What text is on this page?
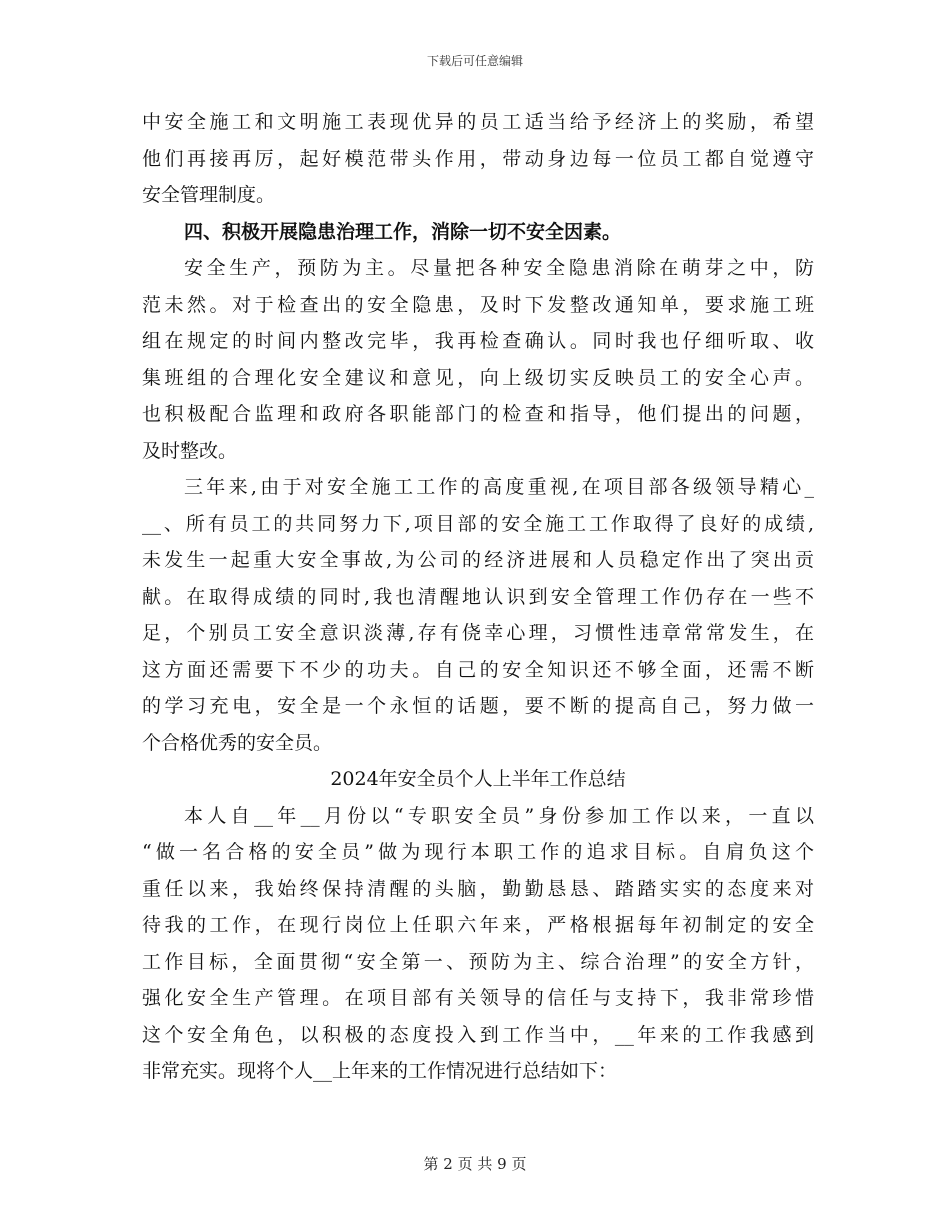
下载后可任意编辑
中安全施工和文明施工表现优异的员工适当给予经济上的奖励，希望
他们再接再厉，起好模范带头作用，带动身边每一位员工都自觉遵守
安全管理制度。
四、积极开展隐患治理工作，消除一切不安全因素。
安全生产，预防为主。尽量把各种安全隐患消除在萌芽之中，防
范未然。对于检查出的安全隐患，及时下发整改通知单，要求施工班
组在规定的时间内整改完毕，我再检查确认。同时我也仔细听取、收
集班组的合理化安全建议和意见，向上级切实反映员工的安全心声。
也积极配合监理和政府各职能部门的检查和指导，他们提出的问题，
及时整改。
三年来,由于对安全施工工作的高度重视,在项目部各级领导精心_
__、所有员工的共同努力下,项目部的安全施工工作取得了良好的成绩,
未发生一起重大安全事故,为公司的经济进展和人员稳定作出了突出贡
献。在取得成绩的同时,我也清醒地认识到安全管理工作仍存在一些不
足，个别员工安全意识淡薄,存有侥幸心理，习惯性违章常常发生，在
这方面还需要下不少的功夫。自己的安全知识还不够全面，还需不断
的学习充电，安全是一个永恒的话题，要不断的提高自己，努力做一
个合格优秀的安全员。
2024年安全员个人上半年工作总结
本人自__年__月份以“专职安全员”身份参加工作以来，一直以
“做一名合格的安全员”做为现行本职工作的追求目标。自肩负这个
重任以来，我始终保持清醒的头脑，勤勤恳恳、踏踏实实的态度来对
待我的工作，在现行岗位上任职六年来，严格根据每年初制定的安全
工作目标，全面贯彻“安全第一、预防为主、综合治理”的安全方针，
强化安全生产管理。在项目部有关领导的信任与支持下，我非常珍惜
这个安全角色，以积极的态度投入到工作当中，__年来的工作我感到
非常充实。现将个人__上年来的工作情况进行总结如下：
第 2 页 共 9 页
